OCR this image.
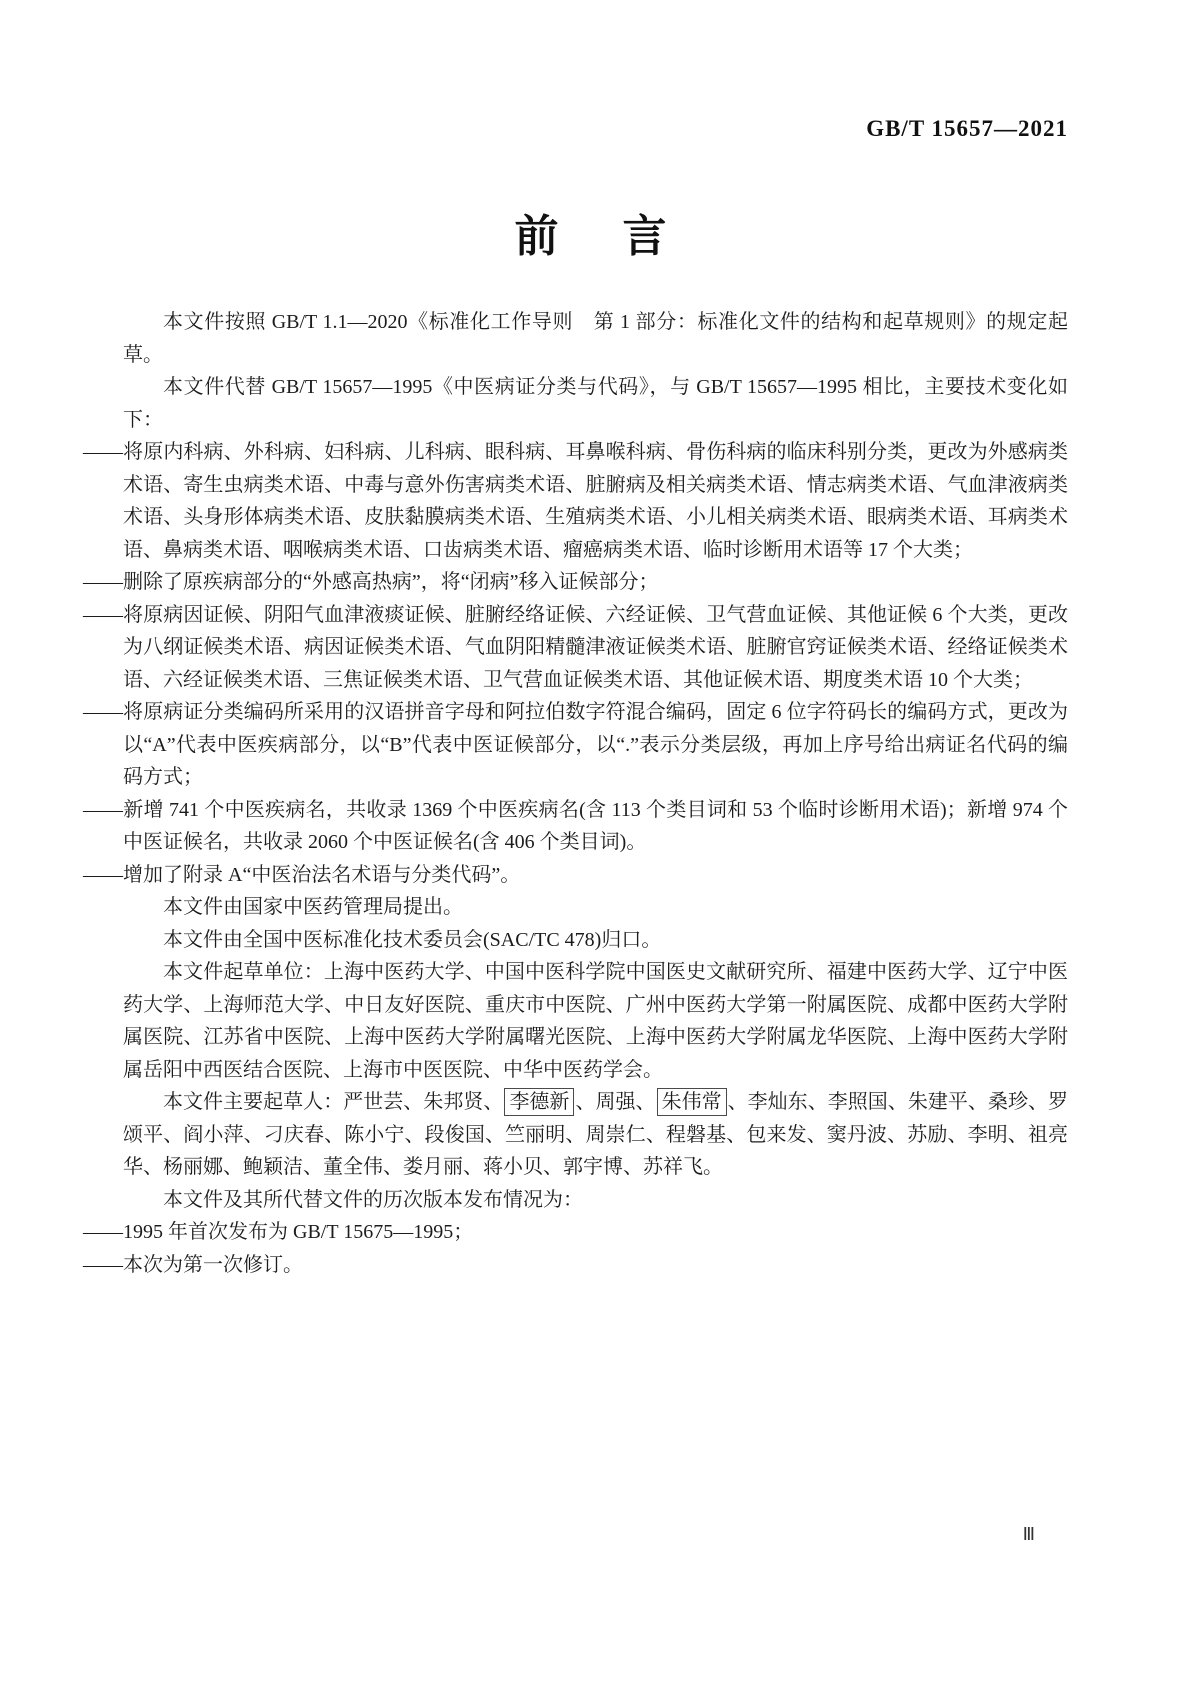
GB/T 15657—2021
前　言

本文件按照 GB/T 1.1—2020《标准化工作导则　第 1 部分：标准化文件的结构和起草规则》的规定起草。

本文件代替 GB/T 15657—1995《中医病证分类与代码》，与 GB/T 15657—1995 相比，主要技术变化如下：

——将原内科病、外科病、妇科病、儿科病、眼科病、耳鼻喉科病、骨伤科病的临床科别分类，更改为外感病类术语、寄生虫病类术语、中毒与意外伤害病类术语、脏腑病及相关病类术语、情志病类术语、气血津液病类术语、头身形体病类术语、皮肤黏膜病类术语、生殖病类术语、小儿相关病类术语、眼病类术语、耳病类术语、鼻病类术语、咽喉病类术语、口齿病类术语、瘤癌病类术语、临时诊断用术语等 17 个大类；

——删除了原疾病部分的“外感高热病”，将“闭病”移入证候部分；

——将原病因证候、阴阳气血津液痰证候、脏腑经络证候、六经证候、卫气营血证候、其他证候 6 个大类，更改为八纲证候类术语、病因证候类术语、气血阴阳精髓津液证候类术语、脏腑官窍证候类术语、经络证候类术语、六经证候类术语、三焦证候类术语、卫气营血证候类术语、其他证候术语、期度类术语 10 个大类；

——将原病证分类编码所采用的汉语拼音字母和阿拉伯数字符混合编码，固定 6 位字符码长的编码方式，更改为以“A”代表中医疾病部分，以“B”代表中医证候部分，以“.”表示分类层级，再加上序号给出病证名代码的编码方式；

——新增 741 个中医疾病名，共收录 1369 个中医疾病名(含 113 个类目词和 53 个临时诊断用术语)；新增 974 个中医证候名，共收录 2060 个中医证候名(含 406 个类目词)。

——增加了附录 A“中医治法名术语与分类代码”。

本文件由国家中医药管理局提出。

本文件由全国中医标准化技术委员会(SAC/TC 478)归口。

本文件起草单位：上海中医药大学、中国中医科学院中国医史文献研究所、福建中医药大学、辽宁中医药大学、上海师范大学、中日友好医院、重庆市中医院、广州中医药大学第一附属医院、成都中医药大学附属医院、江苏省中医院、上海中医药大学附属曙光医院、上海中医药大学附属龙华医院、上海中医药大学附属岳阳中西医结合医院、上海市中医医院、中华中医药学会。

本文件主要起草人：严世芸、朱邦贤、 李德新 、周强、 朱伟常 、李灿东、李照国、朱建平、桑珍、罗颂平、阎小萍、刁庆春、陈小宁、段俊国、竺丽明、周崇仁、程磐基、包来发、窦丹波、苏励、李明、祖亮华、杨丽娜、鲍颖洁、董全伟、娄月丽、蒋小贝、郭宇博、苏祥飞。

本文件及其所代替文件的历次版本发布情况为：

——1995 年首次发布为 GB/T 15675—1995；

——本次为第一次修订。

Ⅲ
